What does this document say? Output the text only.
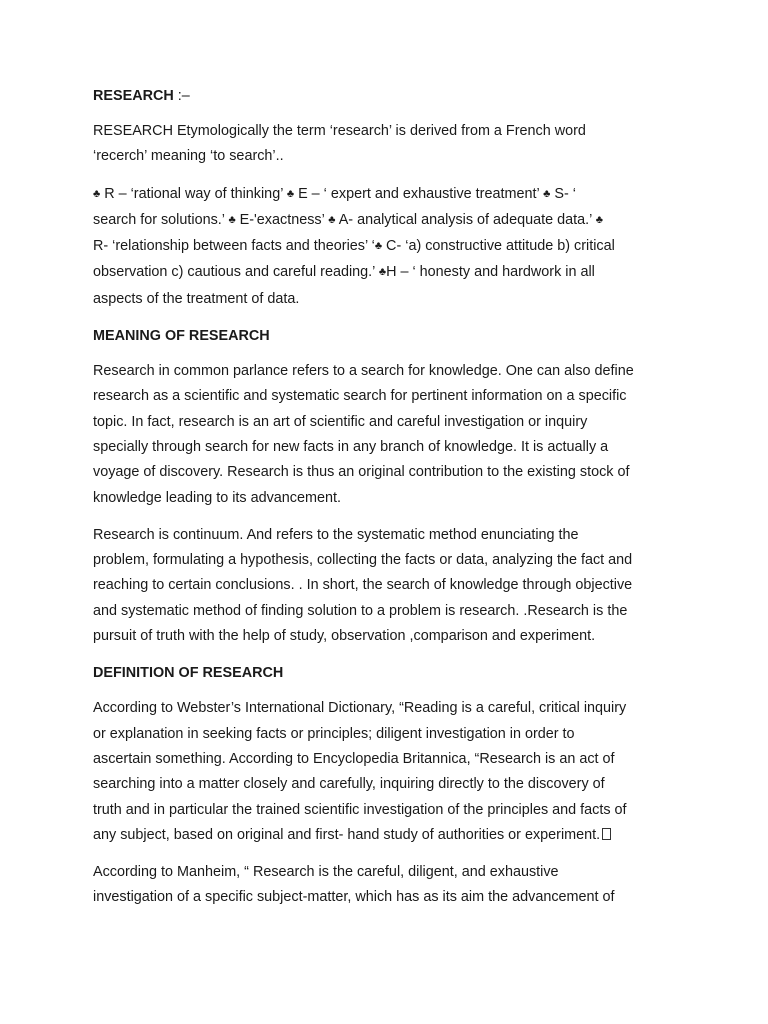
RESEARCH :–

RESEARCH Etymologically the term ‘research’ is derived from a French word
‘recerch’ meaning ‘to search’..

♣ R – ‘rational way of thinking’ ♣ E – ‘ expert and exhaustive treatment’ ♣ S- ‘
search for solutions.’ ♣ E-'exactness’ ♣ A- analytical analysis of adequate data.’ ♣
R- ‘relationship between facts and theories’ ‘♣ C- ‘a) constructive attitude b) critical
observation c) cautious and careful reading.’ ♣H – ‘ honesty and hardwork in all
aspects of the treatment of data.

MEANING OF RESEARCH

Research in common parlance refers to a search for knowledge. One can also define
research as a scientific and systematic search for pertinent information on a specific
topic. In fact, research is an art of scientific and careful investigation or inquiry
specially through search for new facts in any branch of knowledge. It is actually a
voyage of discovery. Research is thus an original contribution to the existing stock of
knowledge leading to its advancement.

Research is continuum. And refers to the systematic method enunciating the
problem, formulating a hypothesis, collecting the facts or data, analyzing the fact and
reaching to certain conclusions. . In short, the search of knowledge through objective
and systematic method of finding solution to a problem is research. .Research is the
pursuit of truth with the help of study, observation ,comparison and experiment.

DEFINITION OF RESEARCH

According to Webster’s International Dictionary, “Reading is a careful, critical inquiry
or explanation in seeking facts or principles; diligent investigation in order to
ascertain something. According to Encyclopedia Britannica, “Research is an act of
searching into a matter closely and carefully, inquiring directly to the discovery of
truth and in particular the trained scientific investigation of the principles and facts of
any subject, based on original and first- hand study of authorities or experiment.

According to Manheim, “ Research is the careful, diligent, and exhaustive
investigation of a specific subject-matter, which has as its aim the advancement of
